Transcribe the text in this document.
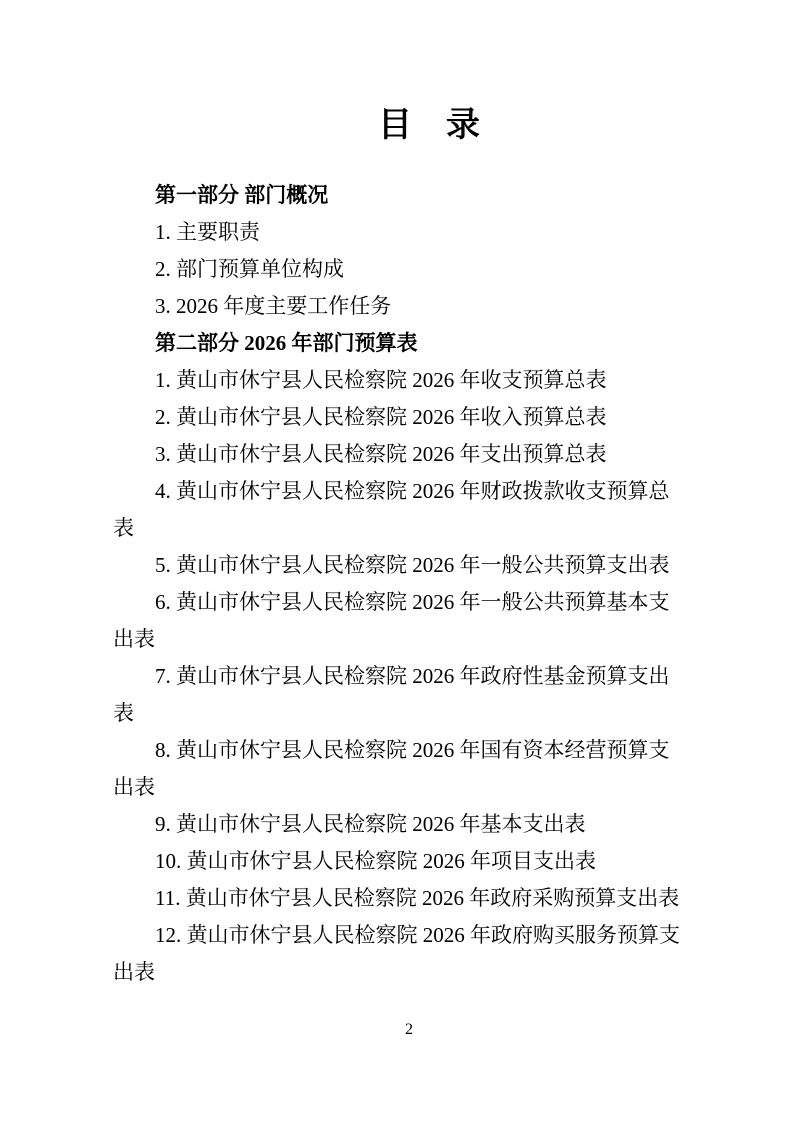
目　录

第一部分 部门概况

1. 主要职责

2. 部门预算单位构成

3. 2026 年度主要工作任务

第二部分 2026 年部门预算表

1. 黄山市休宁县人民检察院 2026 年收支预算总表

2. 黄山市休宁县人民检察院 2026 年收入预算总表

3. 黄山市休宁县人民检察院 2026 年支出预算总表

4. 黄山市休宁县人民检察院 2026 年财政拨款收支预算总
表

5. 黄山市休宁县人民检察院 2026 年一般公共预算支出表

6. 黄山市休宁县人民检察院 2026 年一般公共预算基本支
出表

7. 黄山市休宁县人民检察院 2026 年政府性基金预算支出
表

8. 黄山市休宁县人民检察院 2026 年国有资本经营预算支
出表

9. 黄山市休宁县人民检察院 2026 年基本支出表

10. 黄山市休宁县人民检察院 2026 年项目支出表

11. 黄山市休宁县人民检察院 2026 年政府采购预算支出表

12. 黄山市休宁县人民检察院 2026 年政府购买服务预算支
出表

2
